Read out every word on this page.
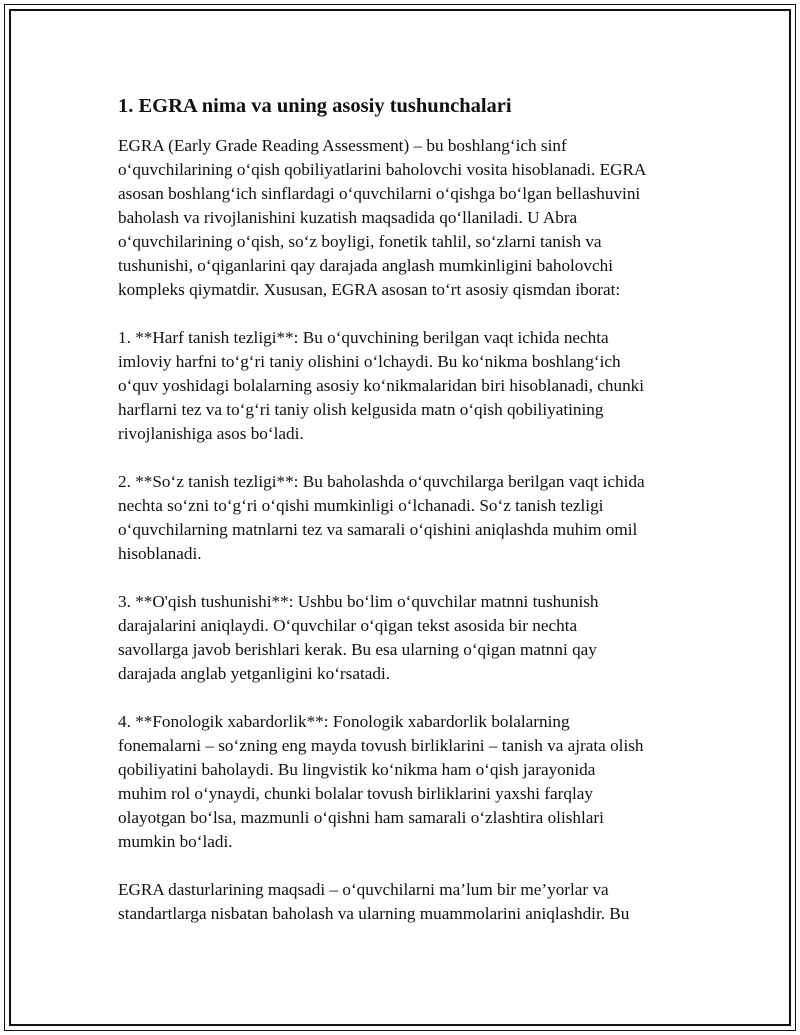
1. EGRA nima va uning asosiy tushunchalari
EGRA (Early Grade Reading Assessment) – bu boshlang‘ich sinf
o‘quvchilarining o‘qish qobiliyatlarini baholovchi vosita hisoblanadi. EGRA
asosan boshlang‘ich sinflardagi o‘quvchilarni o‘qishga bo‘lgan bellashuvini
baholash va rivojlanishini kuzatish maqsadida qo‘llaniladi. U Abra
o‘quvchilarining o‘qish, so‘z boyligi, fonetik tahlil, so‘zlarni tanish va
tushunishi, o‘qiganlarini qay darajada anglash mumkinligini baholovchi
kompleks qiymatdir. Xususan, EGRA asosan to‘rt asosiy qismdan iborat:
1. **Harf tanish tezligi**: Bu o‘quvchining berilgan vaqt ichida nechta
imloviy harfni to‘g‘ri taniy olishini o‘lchaydi. Bu ko‘nikma boshlang‘ich
o‘quv yoshidagi bolalarning asosiy ko‘nikmalaridan biri hisoblanadi, chunki
harflarni tez va to‘g‘ri taniy olish kelgusida matn o‘qish qobiliyatining
rivojlanishiga asos bo‘ladi.
2. **So‘z tanish tezligi**: Bu baholashda o‘quvchilarga berilgan vaqt ichida
nechta so‘zni to‘g‘ri o‘qishi mumkinligi o‘lchanadi. So‘z tanish tezligi
o‘quvchilarning matnlarni tez va samarali o‘qishini aniqlashda muhim omil
hisoblanadi.
3. **O'qish tushunishi**: Ushbu bo‘lim o‘quvchilar matnni tushunish
darajalarini aniqlaydi. O‘quvchilar o‘qigan tekst asosida bir nechta
savollarga javob berishlari kerak. Bu esa ularning o‘qigan matnni qay
darajada anglab yetganligini ko‘rsatadi.
4. **Fonologik xabardorlik**: Fonologik xabardorlik bolalarning
fonemalarni – so‘zning eng mayda tovush birliklarini – tanish va ajrata olish
qobiliyatini baholaydi. Bu lingvistik ko‘nikma ham o‘qish jarayonida
muhim rol o‘ynaydi, chunki bolalar tovush birliklarini yaxshi farqlay
olayotgan bo‘lsa, mazmunli o‘qishni ham samarali o‘zlashtira olishlari
mumkin bo‘ladi.
EGRA dasturlarining maqsadi – o‘quvchilarni ma’lum bir me’yorlar va
standartlarga nisbatan baholash va ularning muammolarini aniqlashdir. Bu
